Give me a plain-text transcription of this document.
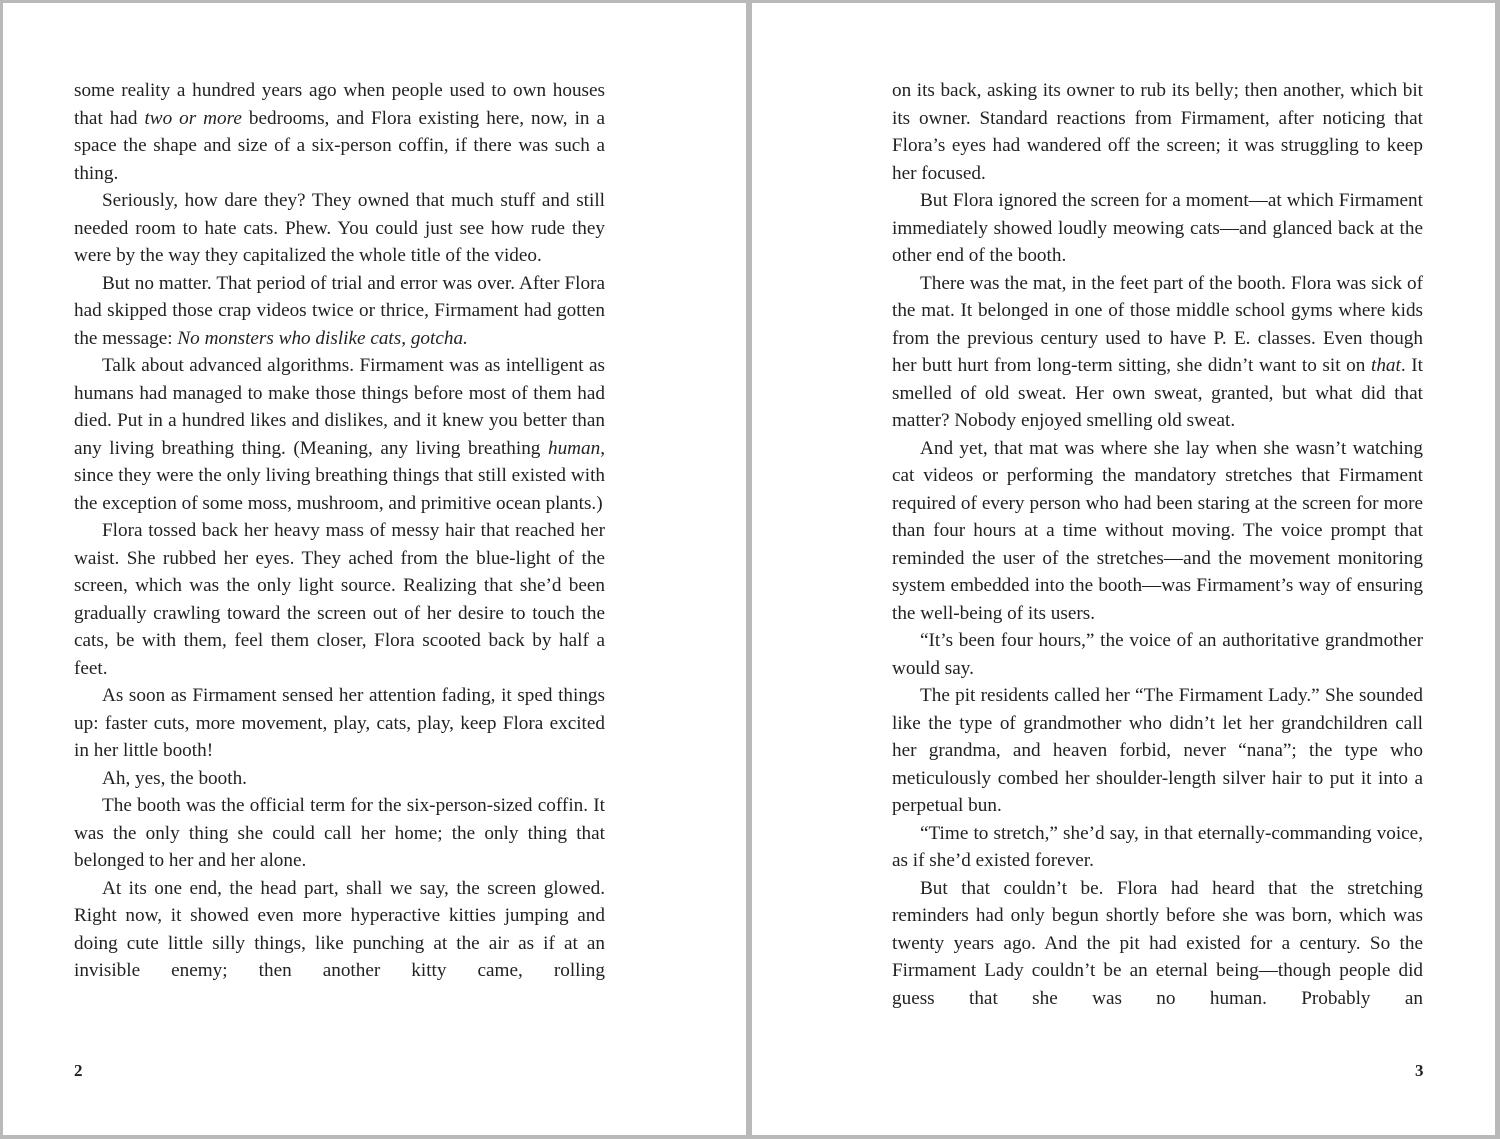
some reality a hundred years ago when people used to own houses that had two or more bedrooms, and Flora existing here, now, in a space the shape and size of a six-person coffin, if there was such a thing.

Seriously, how dare they? They owned that much stuff and still needed room to hate cats. Phew. You could just see how rude they were by the way they capitalized the whole title of the video.

But no matter. That period of trial and error was over. After Flora had skipped those crap videos twice or thrice, Firmament had gotten the message: No monsters who dislike cats, gotcha.

Talk about advanced algorithms. Firmament was as intelligent as humans had managed to make those things before most of them had died. Put in a hundred likes and dislikes, and it knew you better than any living breathing thing. (Meaning, any living breathing human, since they were the only living breathing things that still existed with the exception of some moss, mushroom, and primitive ocean plants.)

Flora tossed back her heavy mass of messy hair that reached her waist. She rubbed her eyes. They ached from the blue-light of the screen, which was the only light source. Realizing that she’d been gradually crawling toward the screen out of her desire to touch the cats, be with them, feel them closer, Flora scooted back by half a feet.

As soon as Firmament sensed her attention fading, it sped things up: faster cuts, more movement, play, cats, play, keep Flora excited in her little booth!

Ah, yes, the booth.

The booth was the official term for the six-person-sized coffin. It was the only thing she could call her home; the only thing that belonged to her and her alone.

At its one end, the head part, shall we say, the screen glowed. Right now, it showed even more hyperactive kitties jumping and doing cute little silly things, like punching at the air as if at an invisible enemy; then another kitty came, rolling

2

on its back, asking its owner to rub its belly; then another, which bit its owner. Standard reactions from Firmament, after noticing that Flora’s eyes had wandered off the screen; it was struggling to keep her focused.

But Flora ignored the screen for a moment—at which Firmament immediately showed loudly meowing cats—and glanced back at the other end of the booth.

There was the mat, in the feet part of the booth. Flora was sick of the mat. It belonged in one of those middle school gyms where kids from the previous century used to have P. E. classes. Even though her butt hurt from long-term sitting, she didn’t want to sit on that. It smelled of old sweat. Her own sweat, granted, but what did that matter? Nobody enjoyed smelling old sweat.

And yet, that mat was where she lay when she wasn’t watching cat videos or performing the mandatory stretches that Firmament required of every person who had been staring at the screen for more than four hours at a time without moving. The voice prompt that reminded the user of the stretches—and the movement monitoring system embedded into the booth—was Firmament’s way of ensuring the well-being of its users.

“It’s been four hours,” the voice of an authoritative grandmother would say.

The pit residents called her “The Firmament Lady.” She sounded like the type of grandmother who didn’t let her grandchildren call her grandma, and heaven forbid, never “nana”; the type who meticulously combed her shoulder-length silver hair to put it into a perpetual bun.

“Time to stretch,” she’d say, in that eternally-commanding voice, as if she’d existed forever.

But that couldn’t be. Flora had heard that the stretching reminders had only begun shortly before she was born, which was twenty years ago. And the pit had existed for a century. So the Firmament Lady couldn’t be an eternal being—though people did guess that she was no human. Probably an

3
